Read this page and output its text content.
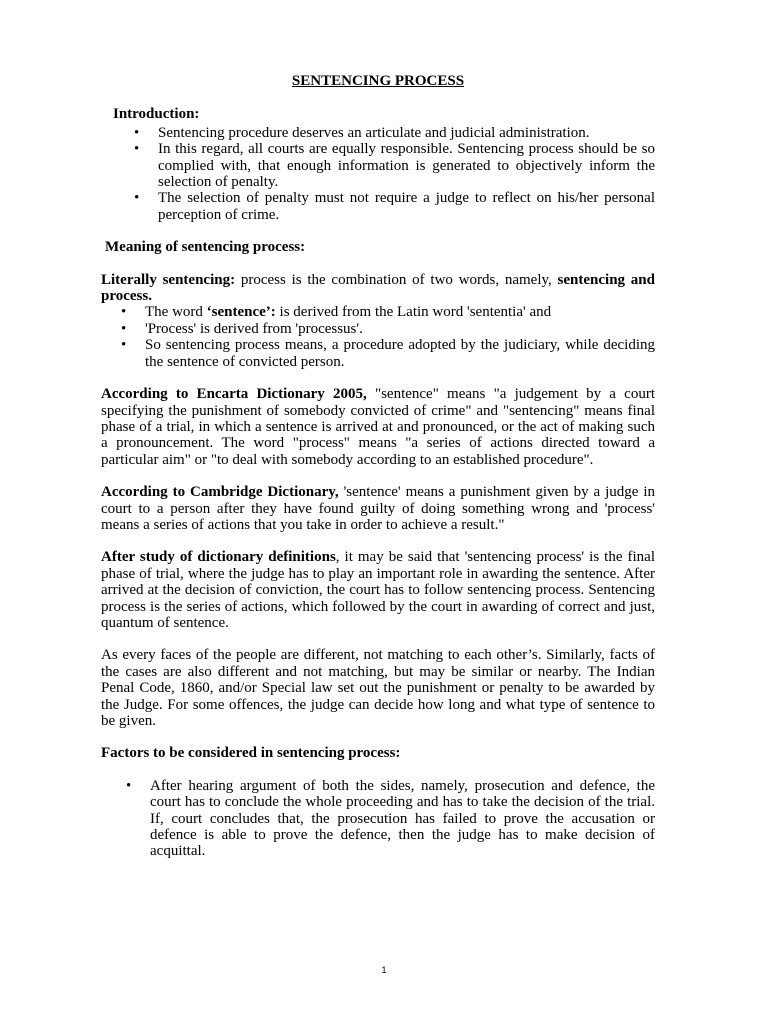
SENTENCING PROCESS
Introduction:
• Sentencing procedure deserves an articulate and judicial administration.
• In this regard, all courts are equally responsible. Sentencing process should be so complied with, that enough information is generated to objectively inform the selection of penalty.
• The selection of penalty must not require a judge to reflect on his/her personal perception of crime.

Meaning of sentencing process:

Literally sentencing: process is the combination of two words, namely, sentencing and process.

• The word ‘sentence’: is derived from the Latin word 'sententia' and
• 'Process' is derived from 'processus'.
• So sentencing process means, a procedure adopted by the judiciary, while deciding the sentence of convicted person.

According to Encarta Dictionary 2005, "sentence" means "a judgement by a court specifying the punishment of somebody convicted of crime" and "sentencing" means final phase of a trial, in which a sentence is arrived at and pronounced, or the act of making such a pronouncement. The word "process" means "a series of actions directed toward a particular aim" or "to deal with somebody according to an established procedure".

According to Cambridge Dictionary, 'sentence' means a punishment given by a judge in court to a person after they have found guilty of doing something wrong and 'process' means a series of actions that you take in order to achieve a result."

After study of dictionary definitions, it may be said that 'sentencing process' is the final phase of trial, where the judge has to play an important role in awarding the sentence. After arrived at the decision of conviction, the court has to follow sentencing process. Sentencing process is the series of actions, which followed by the court in awarding of correct and just, quantum of sentence.

As every faces of the people are different, not matching to each other’s. Similarly, facts of the cases are also different and not matching, but may be similar or nearby. The Indian Penal Code, 1860, and/or Special law set out the punishment or penalty to be awarded by the Judge. For some offences, the judge can decide how long and what type of sentence to be given.

Factors to be considered in sentencing process:

• After hearing argument of both the sides, namely, prosecution and defence, the court has to conclude the whole proceeding and has to take the decision of the trial. If, court concludes that, the prosecution has failed to prove the accusation or defence is able to prove the defence, then the judge has to make decision of acquittal.
1
